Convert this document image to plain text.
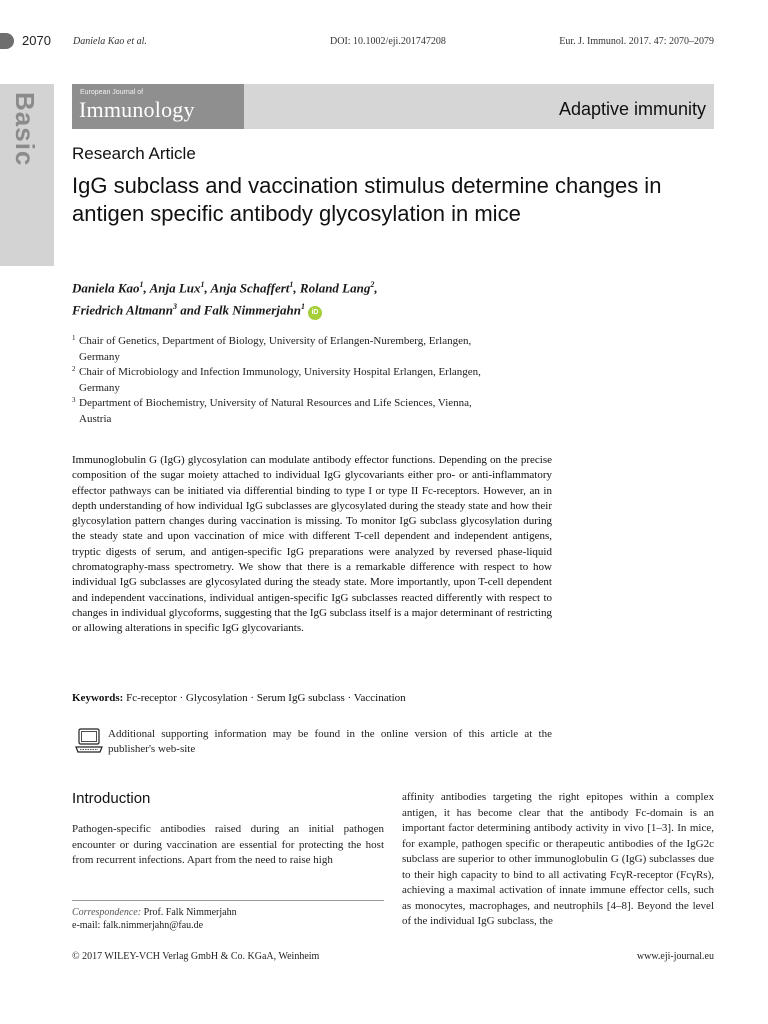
2070 Daniela Kao et al.	DOI: 10.1002/eji.201747208	Eur. J. Immunol. 2017. 47: 2070–2079
Basic	European Journal of
Immunology	Adaptive immunity
Research Article
IgG subclass and vaccination stimulus determine changes in antigen specific antibody glycosylation in mice
Daniela Kao$^1$, Anja Lux$^1$, Anja Schaffert$^1$, Roland Lang$^2$,
Friedrich Altmann$^3$ and Falk Nimmerjahn$^1$iD
1 Chair of Genetics, Department of Biology, University of Erlangen-Nuremberg, Erlangen,
Germany
2 Chair of Microbiology and Infection Immunology, University Hospital Erlangen, Erlangen,
Germany
3 Department of Biochemistry, University of Natural Resources and Life Sciences, Vienna,
Austria

Immunoglobulin G (IgG) glycosylation can modulate antibody effector functions. Depending on the precise composition of the sugar moiety attached to individual IgG glycovariants either pro- or anti-inflammatory effector pathways can be initiated via differential binding to type I or type II Fc-receptors. However, an in depth understanding of how individual IgG subclasses are glycosylated during the steady state and how their glycosylation pattern changes during vaccination is missing. To monitor IgG subclass glycosylation during the steady state and upon vaccination of mice with different T-cell dependent and independent antigens, tryptic digests of serum, and antigen-specific IgG preparations were analyzed by reversed phase-liquid chromatography-mass spectrometry. We show that there is a remarkable difference with respect to how individual IgG subclasses are glycosylated during the steady state. More importantly, upon T-cell dependent and independent vaccinations, individual antigen-specific IgG subclasses reacted differently with respect to changes in individual glycoforms, suggesting that the IgG subclass itself is a major determinant of restricting or allowing alterations in specific IgG glycovariants.

Keywords: Fc-receptor · Glycosylation · Serum IgG subclass · Vaccination
Additional supporting information may be found in the online version of this article at the publisher's web-site
Introduction

Pathogen-specific antibodies raised during an initial pathogen encounter or during vaccination are essential for protecting the host from recurrent infections. Apart from the need to raise high

affinity antibodies targeting the right epitopes within a complex antigen, it has become clear that the antibody Fc-domain is an important factor determining antibody activity in vivo [1–3]. In mice, for example, pathogen specific or therapeutic antibodies of the IgG2c subclass are superior to other immunoglobulin G (IgG) subclasses due to their high capacity to bind to all activating FcγR-receptor (FcγRs), achieving a maximal activation of innate immune effector cells, such as monocytes, macrophages, and neutrophils [4–8]. Beyond the level of the individual IgG subclass, the

Correspondence: Prof. Falk Nimmerjahn
e-mail: falk.nimmerjahn@fau.de
© 2017 WILEY-VCH Verlag GmbH & Co. KGaA, Weinheim	www.eji-journal.eu
